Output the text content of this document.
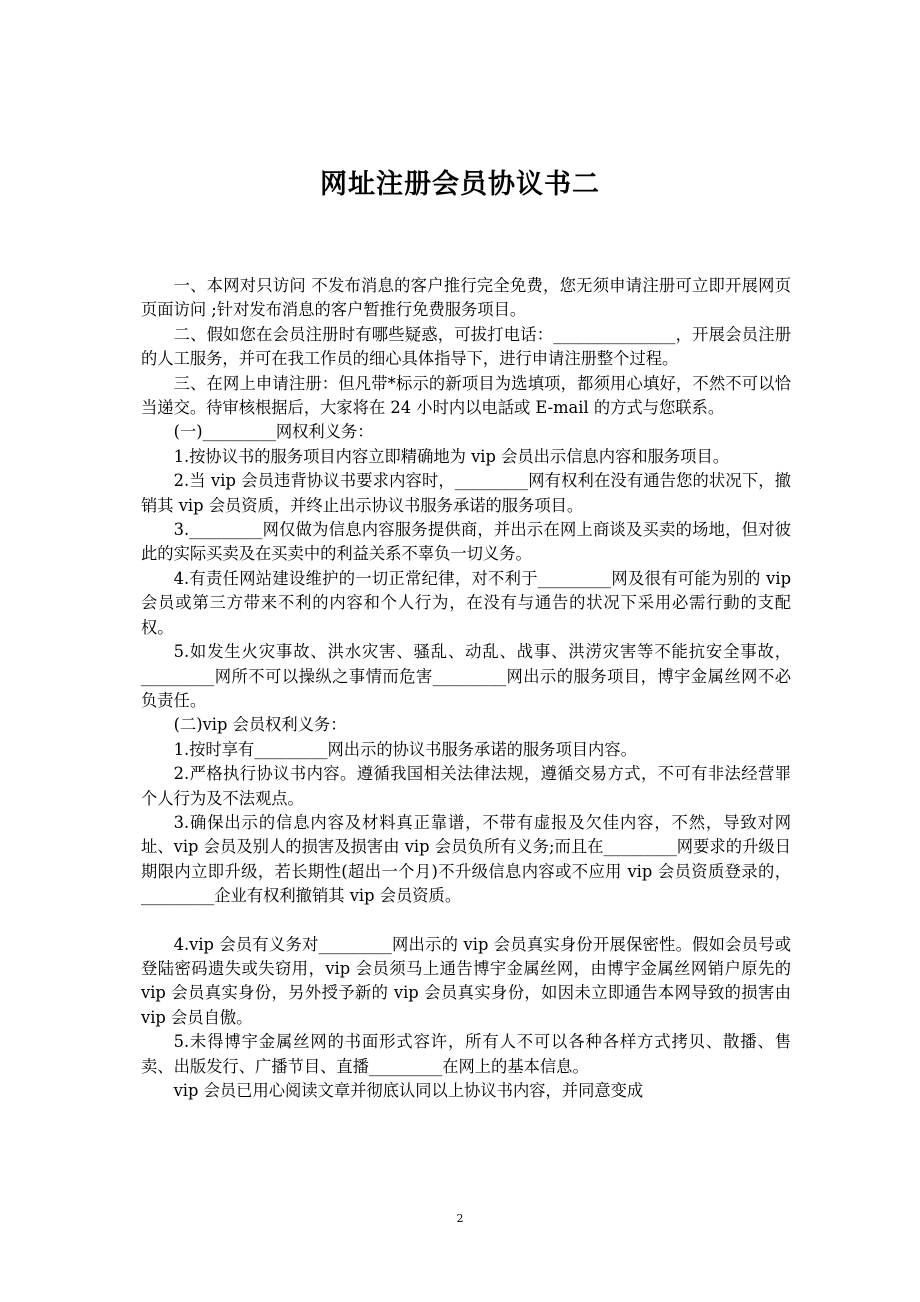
网址注册会员协议书二

一、本网对只访问 不发布消息的客户推行完全免费，您无须申请注册可立即开展网页页面访问 ;针对发布消息的客户暂推行免费服务项目。

二、假如您在会员注册时有哪些疑惑，可拔打电话：_______________，开展会员注册的人工服务，并可在我工作员的细心具体指导下，进行申请注册整个过程。

三、在网上申请注册：但凡带*标示的新项目为选填项，都须用心填好，不然不可以恰当递交。待审核根据后，大家将在 24 小时内以电話或 E-mail 的方式与您联系。

(一)_________网权利义务：

1.按协议书的服务项目内容立即精确地为 vip 会员出示信息内容和服务项目。

2.当 vip 会员违背协议书要求内容时，_________网有权利在没有通告您的状况下，撤销其 vip 会员资质，并终止出示协议书服务承诺的服务项目。

3._________网仅做为信息内容服务提供商，并出示在网上商谈及买卖的场地，但对彼此的实际买卖及在买卖中的利益关系不辜负一切义务。

4.有责任网站建设维护的一切正常纪律，对不利于_________网及很有可能为别的 vip 会员或第三方带来不利的内容和个人行为，在没有与通告的状况下采用必需行動的支配权。

5.如发生火灾事故、洪水灾害、骚乱、动乱、战事、洪涝灾害等不能抗安全事故，_________网所不可以操纵之事情而危害_________网出示的服务项目，博宇金属丝网不必负责任。

(二)vip 会员权利义务：

1.按时享有_________网出示的协议书服务承诺的服务项目内容。

2.严格执行协议书内容。遵循我国相关法律法规，遵循交易方式，不可有非法经营罪个人行为及不法观点。

3.确保出示的信息内容及材料真正靠谱，不带有虚报及欠佳内容，不然，导致对网址、vip 会员及别人的损害及损害由 vip 会员负所有义务;而且在_________网要求的升级日期限内立即升级，若长期性(超出一个月)不升级信息内容或不应用 vip 会员资质登录的，_________企业有权利撤销其 vip 会员资质。

4.vip 会员有义务对_________网出示的 vip 会员真实身份开展保密性。假如会员号或登陆密码遗失或失窃用，vip 会员须马上通告博宇金属丝网，由博宇金属丝网销户原先的 vip 会员真实身份，另外授予新的 vip 会员真实身份，如因未立即通告本网导致的损害由 vip 会员自傲。

5.未得博宇金属丝网的书面形式容许，所有人不可以各种各样方式拷贝、散播、售卖、出版发行、广播节目、直播_________在网上的基本信息。

vip 会员已用心阅读文章并彻底认同以上协议书内容，并同意变成

2
